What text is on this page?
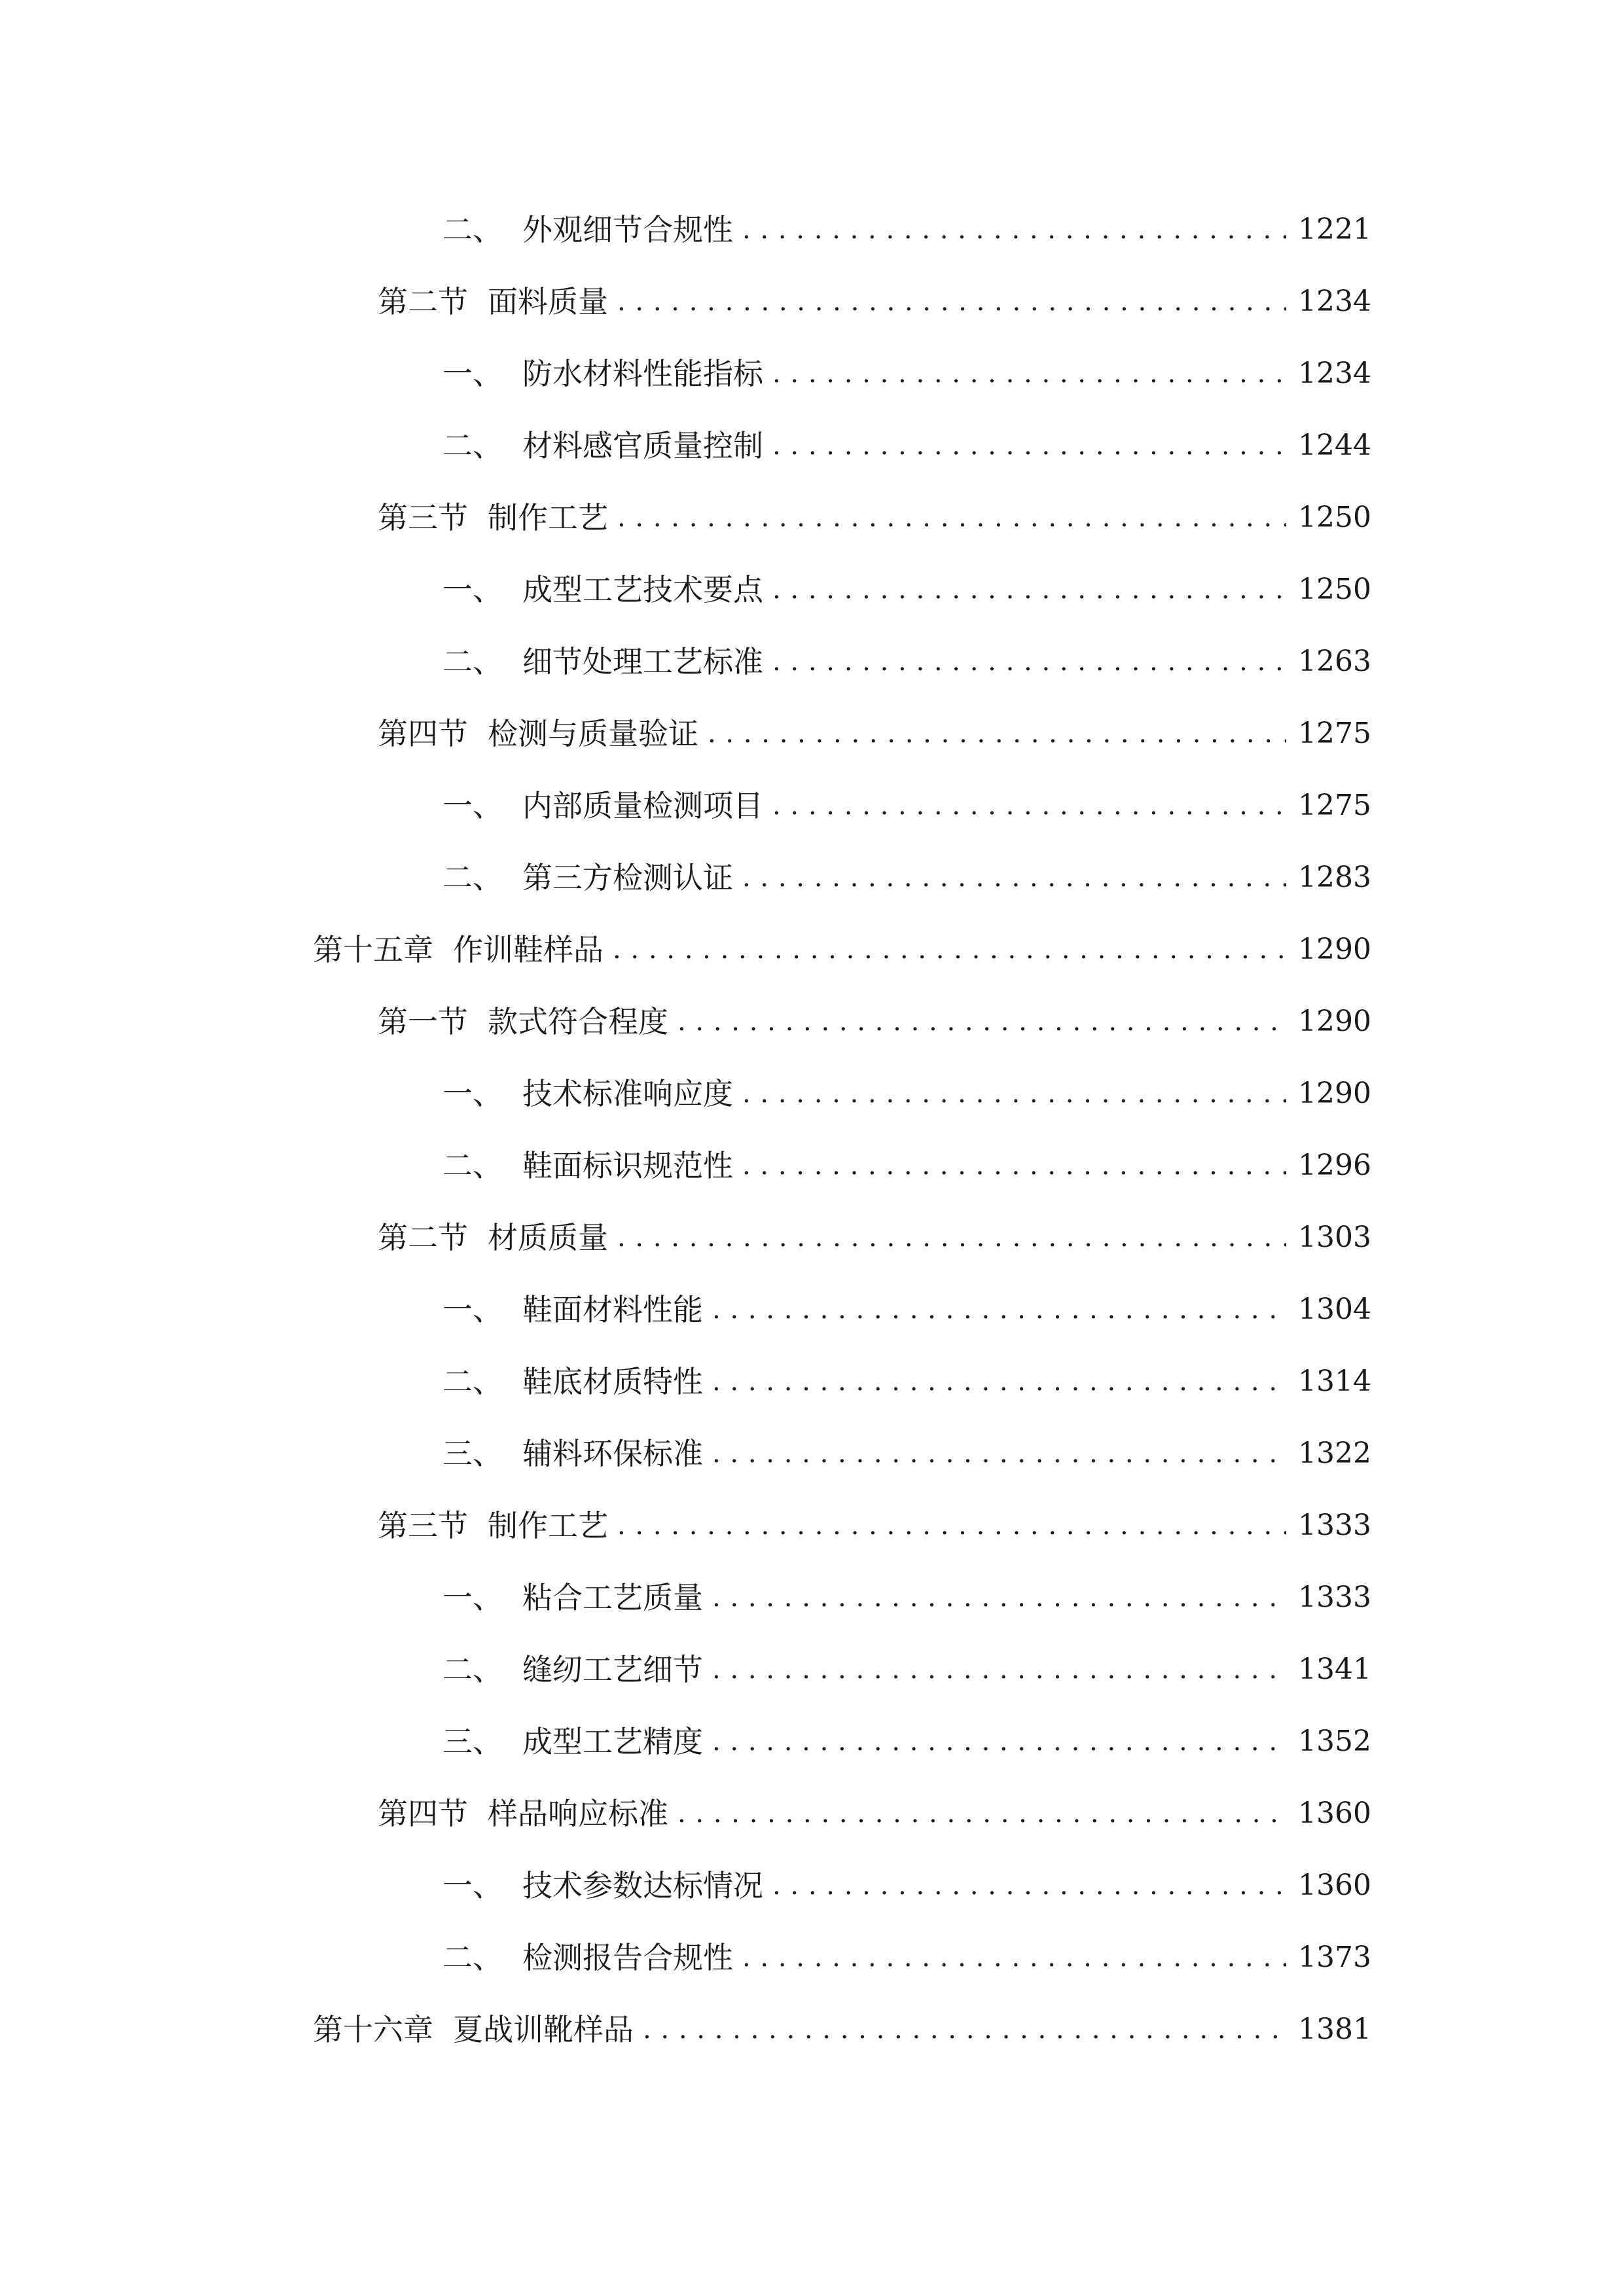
二、 外观细节合规性 . . .	1221
第二节 面料质量 . . .	1234
一、 防水材料性能指标 . . .	1234
二、 材料感官质量控制 . . .	1244
第三节 制作工艺 . . .	1250
一、 成型工艺技术要点 . . .	1250
二、 细节处理工艺标准 . . .	1263
第四节 检测与质量验证 . . .	1275
一、 内部质量检测项目 . . .	1275
二、 第三方检测认证 . . .	1283
第十五章 作训鞋样品 . . .	1290
第一节 款式符合程度 . . .	1290
一、 技术标准响应度 . . .	1290
二、 鞋面标识规范性 . . .	1296
第二节 材质质量 . . .	1303
一、 鞋面材料性能 . . .	1304
二、 鞋底材质特性 . . .	1314
三、 辅料环保标准 . . .	1322
第三节 制作工艺 . . .	1333
一、 粘合工艺质量 . . .	1333
二、 缝纫工艺细节 . . .	1341
三、 成型工艺精度 . . .	1352
第四节 样品响应标准 . . .	1360
一、 技术参数达标情况 . . .	1360
二、 检测报告合规性 . . .	1373
第十六章 夏战训靴样品 . . .	1381
